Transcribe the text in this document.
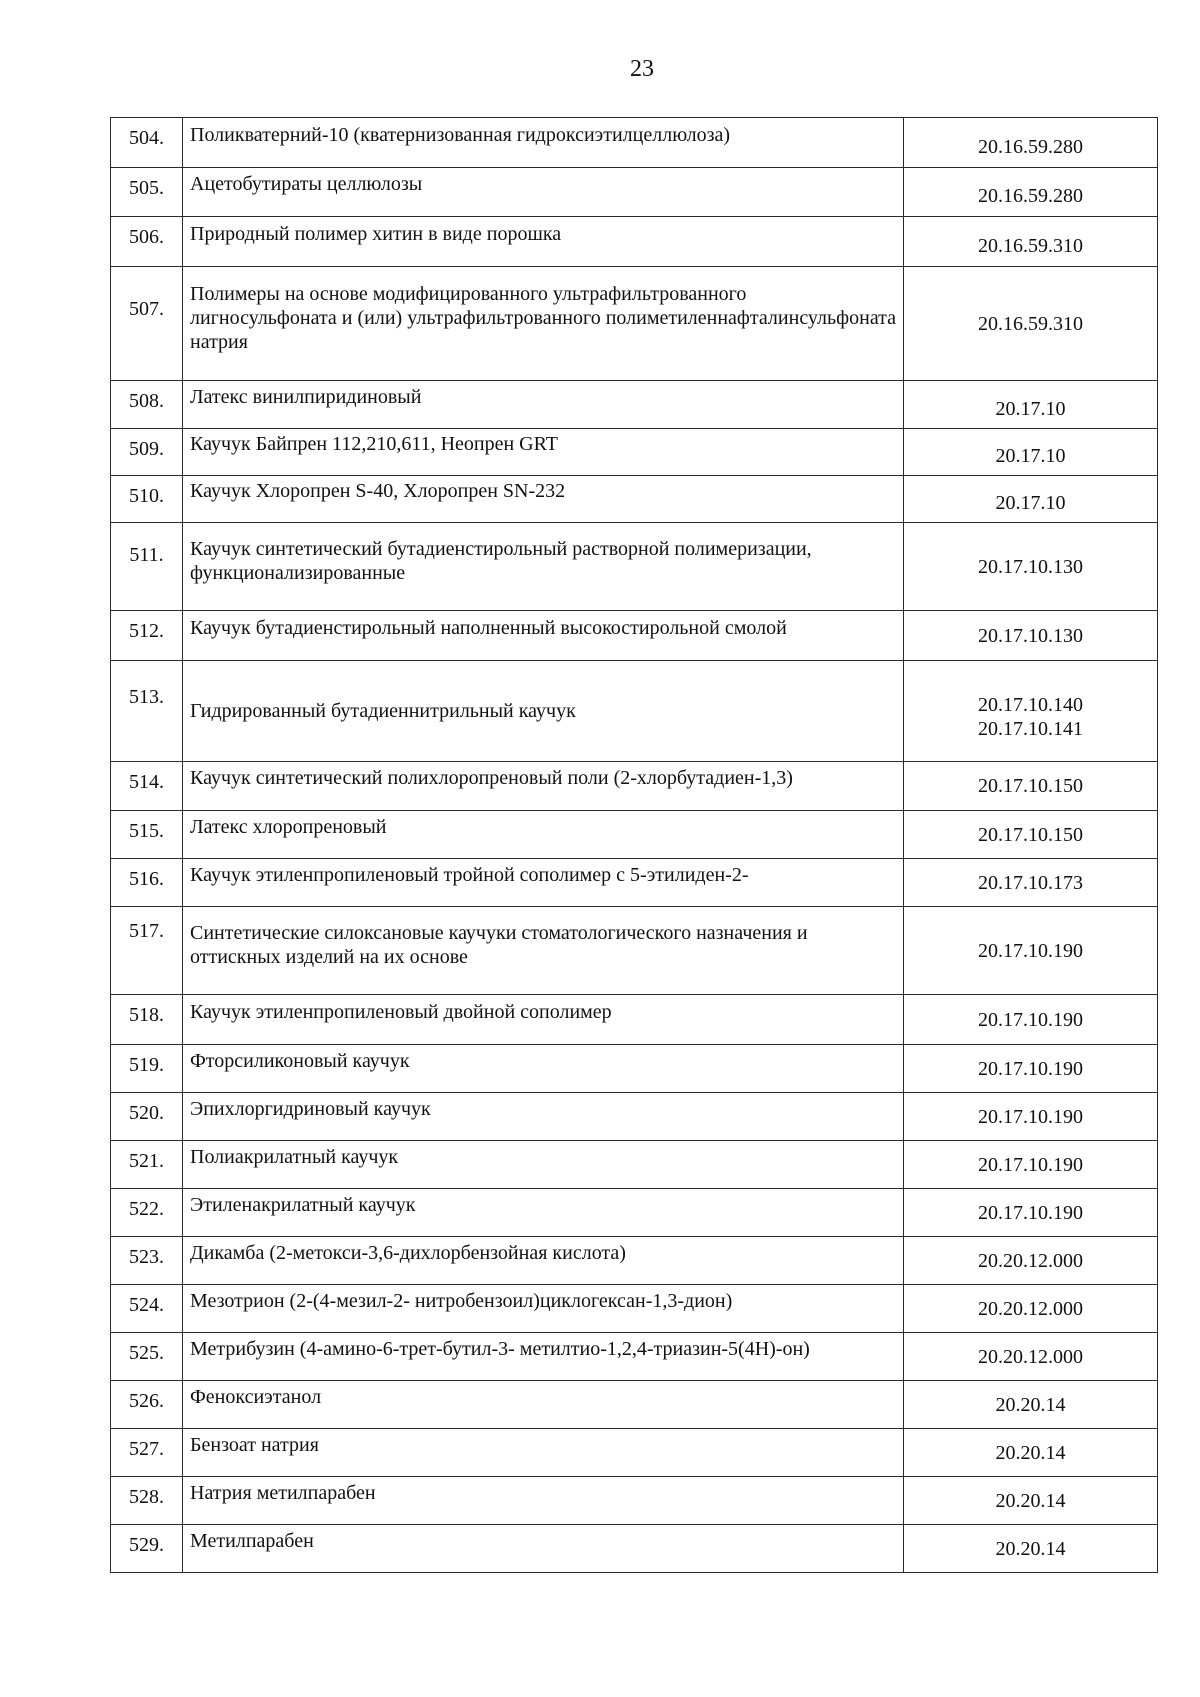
23
504.	Поликватерний-10 (кватернизованная гидроксиэтилцеллюлоза)	20.16.59.280

505.	Ацетобутираты целлюлозы	20.16.59.280

506.	Природный полимер хитин в виде порошка	20.16.59.310

507.	Полимеры на основе модифицированного ультрафильтрованного лигносульфоната и (или) ультрафильтрованного полиметиленнафталинсульфоната натрия	20.16.59.310

508.	Латекс винилпиридиновый	20.17.10

509.	Каучук Байпрен 112,210,611, Неопрен GRT	20.17.10

510.	Каучук Хлоропрен S-40, Хлоропрен SN-232	20.17.10

511.	Каучук синтетический бутадиенстирольный растворной полимеризации, функционализированные	20.17.10.130

512.	Каучук бутадиенстирольный наполненный высокостирольной смолой	20.17.10.130

513.	Гидрированный бутадиеннитрильный каучук	20.17.10.140
20.17.10.141

514.	Каучук синтетический полихлоропреновый поли (2-хлорбутадиен-1,3)	20.17.10.150

515.	Латекс хлоропреновый	20.17.10.150

516.	Каучук этиленпропиленовый тройной сополимер с 5-этилиден-2-	20.17.10.173

517.	Синтетические силоксановые каучуки стоматологического назначения и оттискных изделий на их основе	20.17.10.190

518.	Каучук этиленпропиленовый двойной сополимер	20.17.10.190

519.	Фторсиликоновый каучук	20.17.10.190

520.	Эпихлоргидриновый каучук	20.17.10.190

521.	Полиакрилатный каучук	20.17.10.190

522.	Этиленакрилатный каучук	20.17.10.190

523.	Дикамба (2-метокси-3,6-дихлорбензойная кислота)	20.20.12.000

524.	Мезотрион (2-(4-мезил-2- нитробензоил)циклогексан-1,3-дион)	20.20.12.000

525.	Метрибузин (4-амино-6-трет-бутил-3- метилтио-1,2,4-триазин-5(4Н)-он)	20.20.12.000

526.	Феноксиэтанол	20.20.14

527.	Бензоат натрия	20.20.14

528.	Натрия метилпарабен	20.20.14

529.	Метилпарабен	20.20.14
